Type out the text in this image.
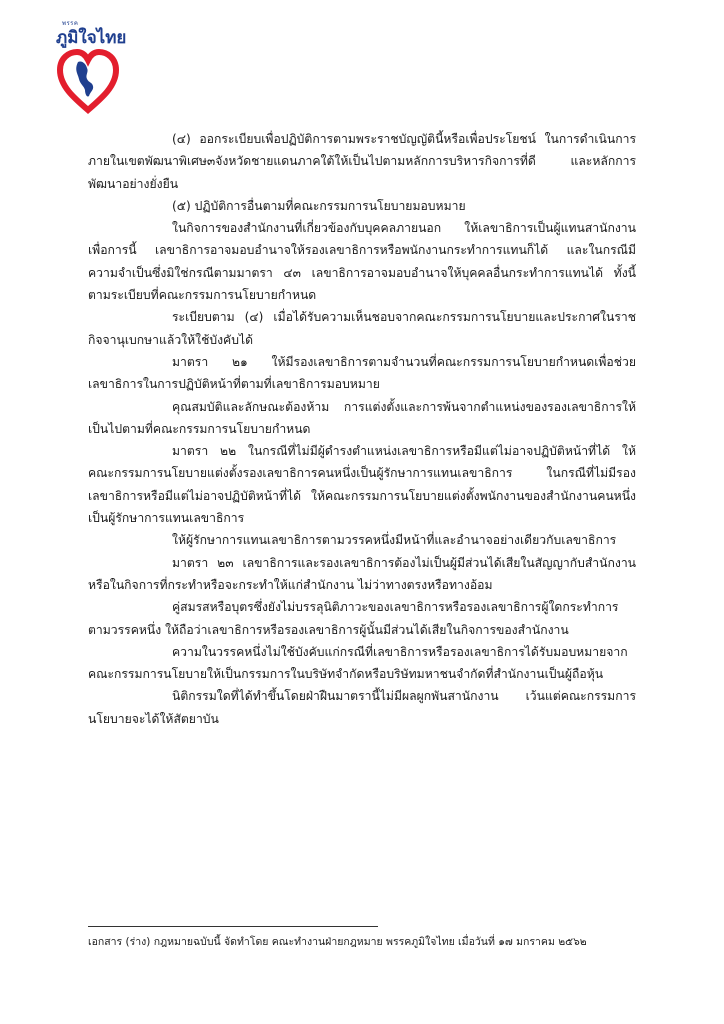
พรรค
ภูมิใจไทย

(๔) ออกระเบียบเพื่อปฏิบัติการตามพระราชบัญญัตินี้หรือเพื่อประโยชน์ ในการดำเนินการภายในเขตพัฒนาพิเศษ๓จังหวัดชายแดนภาคใต้ให้เป็นไปตามหลักการบริหารกิจการที่ดี และหลักการพัฒนาอย่างยั่งยืน

(๕) ปฏิบัติการอื่นตามที่คณะกรรมการนโยบายมอบหมาย

ในกิจการของสำนักงานที่เกี่ยวข้องกับบุคคลภายนอก ให้เลขาธิการเป็นผู้แทนสานักงาน เพื่อการนี้ เลขาธิการอาจมอบอำนาจให้รองเลขาธิการหรือพนักงานกระทำการแทนก็ได้ และในกรณีมีความจำเป็นซึ่งมิใช่กรณีตามมาตรา ๔๓ เลขาธิการอาจมอบอำนาจให้บุคคลอื่นกระทำการแทนได้ ทั้งนี้ ตามระเบียบที่คณะกรรมการนโยบายกำหนด

ระเบียบตาม (๔) เมื่อได้รับความเห็นชอบจากคณะกรรมการนโยบายและประกาศในราชกิจจานุเบกษาแล้วให้ใช้บังคับได้

มาตรา ๒๑ ให้มีรองเลขาธิการตามจำนวนที่คณะกรรมการนโยบายกำหนดเพื่อช่วยเลขาธิการในการปฏิบัติหน้าที่ตามที่เลขาธิการมอบหมาย

คุณสมบัติและลักษณะต้องห้าม การแต่งตั้งและการพ้นจากตำแหน่งของรองเลขาธิการให้เป็นไปตามที่คณะกรรมการนโยบายกำหนด

มาตรา ๒๒ ในกรณีที่ไม่มีผู้ดำรงตำแหน่งเลขาธิการหรือมีแต่ไม่อาจปฏิบัติหน้าที่ได้ ให้คณะกรรมการนโยบายแต่งตั้งรองเลขาธิการคนหนึ่งเป็นผู้รักษาการแทนเลขาธิการ ในกรณีที่ไม่มีรองเลขาธิการหรือมีแต่ไม่อาจปฏิบัติหน้าที่ได้ ให้คณะกรรมการนโยบายแต่งตั้งพนักงานของสำนักงานคนหนึ่งเป็นผู้รักษาการแทนเลขาธิการ

ให้ผู้รักษาการแทนเลขาธิการตามวรรคหนึ่งมีหน้าที่และอำนาจอย่างเดียวกับเลขาธิการ

มาตรา ๒๓ เลขาธิการและรองเลขาธิการต้องไม่เป็นผู้มีส่วนได้เสียในสัญญากับสำนักงานหรือในกิจการที่กระทำหรือจะกระทำให้แก่สำนักงาน ไม่ว่าทางตรงหรือทางอ้อม

คู่สมรสหรือบุตรซึ่งยังไม่บรรลุนิติภาวะของเลขาธิการหรือรองเลขาธิการผู้ใดกระทำการตามวรรคหนึ่ง ให้ถือว่าเลขาธิการหรือรองเลขาธิการผู้นั้นมีส่วนได้เสียในกิจการของสำนักงาน

ความในวรรคหนึ่งไม่ใช้บังคับแก่กรณีที่เลขาธิการหรือรองเลขาธิการได้รับมอบหมายจากคณะกรรมการนโยบายให้เป็นกรรมการในบริษัทจำกัดหรือบริษัทมหาชนจำกัดที่สำนักงานเป็นผู้ถือหุ้น

นิติกรรมใดที่ได้ทำขึ้นโดยฝ่าฝืนมาตรานี้ไม่มีผลผูกพันสานักงาน เว้นแต่คณะกรรมการนโยบายจะได้ให้สัตยาบัน

เอกสาร (ร่าง) กฎหมายฉบับนี้ จัดทำโดย คณะทำงานฝ่ายกฎหมาย พรรคภูมิใจไทย เมื่อวันที่ ๑๗ มกราคม ๒๕๖๒
